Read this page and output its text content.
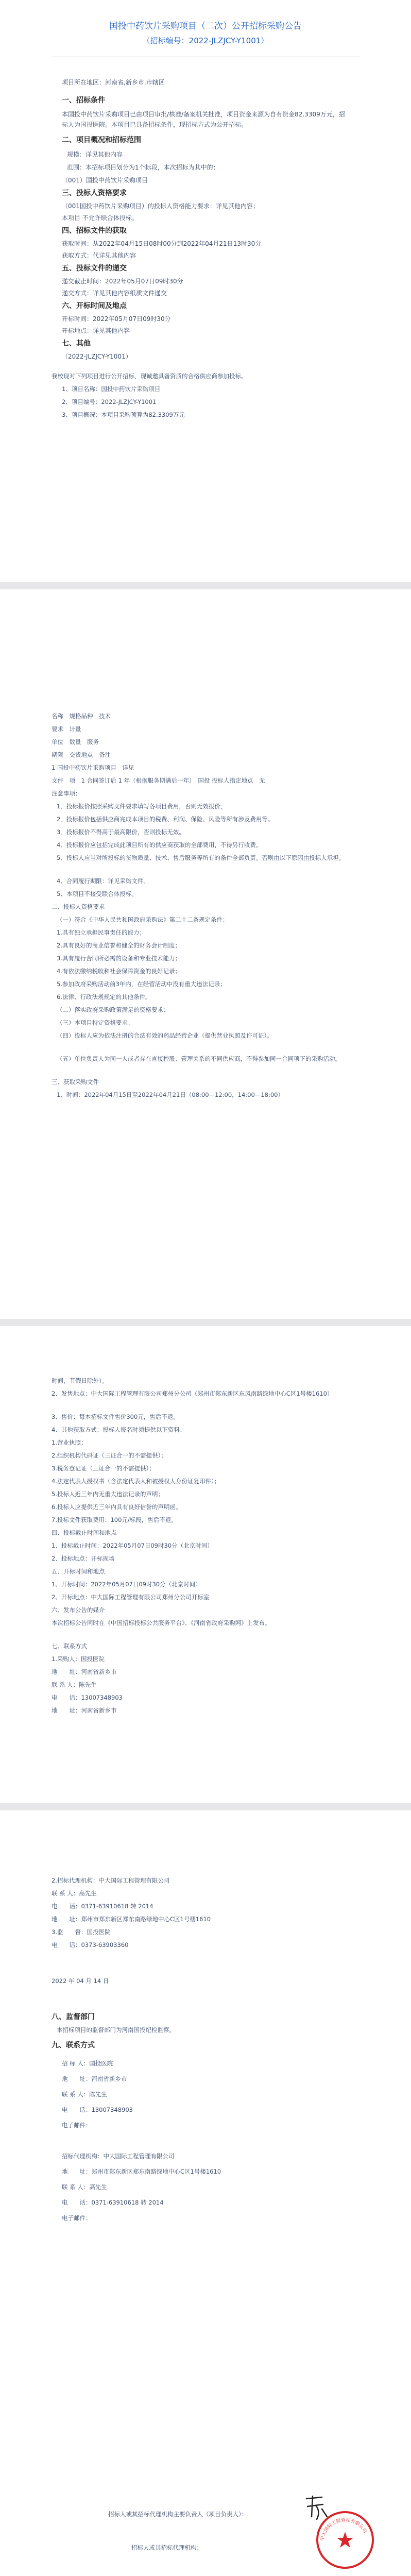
国投中药饮片采购项目（二次）公开招标采购公告
（招标编号：2022-JLZJCY-Y1001）
项目所在地区：河南省,新乡市,市辖区
一、招标条件
本国投中药饮片采购项目已由项目审批/核准/备案机关批准，项目资金来源为自有资金82.3309万元，招标人为国投医院。本项目已具备招标条件，现招标方式为公开招标。
二、项目概况和招标范围
规模：详见其他内容
范围：本招标项目划分为1个标段，本次招标为其中的：
（001）国投中药饮片采购项目
三、投标人资格要求
（001国投中药饮片采购项目）的投标人资格能力要求：详见其他内容；
本项目 不允许联合体投标。
四、招标文件的获取
获取时间：从2022年04月15日08时00分到2022年04月21日13时30分
获取方式：代详见其他内容
五、投标文件的递交
递交截止时间：2022年05月07日09时30分
递交方式：详见其他内容纸质文件递交
六、开标时间及地点
开标时间：2022年05月07日09时30分
开标地点：详见其他内容
七、其他
（2022-JLZJCY-Y1001）
我校现对下列项目进行公开招标，现诚邀具备资质的合格供应商参加投标。
1、项目名称：国投中药饮片采购项目
2、项目编号：2022-JLZJCY-Y1001
3、项目概况：本项目采购预算为82.3309万元
名称　规格品种　技术
要求　计量
单位　数量　服务
期限　交货地点　备注
1 国投中药饮片采购项目　详见
文件　项　1 合同签订后 1 年（根据服务期满后一年）　国投 投标人指定地点　无
注意事项：
1．投标报价按照采购文件要求填写各项目费用，否则无效报价，
2．投标报价包括供应商完成本项目的税费、利润、保险、风险等所有涉及费用等。
3．投标报价不得高于最高限价，否则投标无效。
4．投标报价应包括完成此项目所有的供应商获取的全部费用，不得另行收费。
5．投标人应当对所投标的货物质量、技术、售后服务等所有的条件全部负责。否则由以下原因由投标人承担。
4、合同履行期限：详见采购文件。
5、本项目不接受联合体投标。
二、投标人资格要求
（一）符合《中华人民共和国政府采购法》第二十二条规定条件：
1.具有独立承担民事责任的能力；
2.具有良好的商业信誉和健全的财务会计制度；
3.具有履行合同所必需的设备和专业技术能力；
4.有依法缴纳税收和社会保障资金的良好记录；
5.参加政府采购活动前3年内，在经营活动中没有重大违法记录；
6.法律、行政法规规定的其他条件。
（二）落实政府采购政策满足的资格要求：
（三）本项目特定资格要求：
（四）投标人应为依法注册的合法有效的药品经营企业（提供营业执照及许可证）。
（五）单位负责人为同一人或者存在直接控股、管理关系的不同供应商，不得参加同一合同项下的采购活动。
三、获取采购文件
1、时间：2022年04月15日至2022年04月21日（08:00—12:00，14:00—18:00）
时间，节假日除外）。
2、发售地点：中大国际工程管理有限公司郑州分公司（郑州市郑东新区东风南路绿地中心C区1号楼1610）
3、售价：每本招标文件售价300元，售后不退。
4、其他获取方式：投标人报名时须提供以下资料：
1.营业执照；
2.组织机构代码证（三证合一的不需提供）；
3.税务登记证（三证合一的不需提供）；
4.法定代表人授权书（含法定代表人和被授权人身份证复印件）；
5.投标人近三年内无重大违法记录的声明；
6.投标人应提供近三年内具有良好信誉的声明函。
7.投标文件获取费用：100元/标段，售后不退。
四、投标截止时间和地点
1、投标截止时间：2022年05月07日09时30分（北京时间）
2、投标地点：开标现场
五、开标时间和地点
1、开标时间：2022年05月07日09时30分（北京时间）
2、开标地点：中大国际工程管理有限公司郑州分公司开标室
六、发布公告的媒介
本次招标公告同时在《中国招标投标公共服务平台》、《河南省政府采购网》上发布。
七、联系方式
1.采购人：国投医院
地　　址：河南省新乡市
联 系 人：陈先生
电　　话：13007348903
地　　址：河南省新乡市
2.招标代理机构：中大国际工程管理有限公司
联 系 人：高先生
电　　话：0371-63910618 转 2014
地　　址：郑州市郑东新区郑东南路绿地中心C区1号楼1610
3.监　　督：国投医院
电　　话：0373-63903360
2022 年 04 月 14 日
八、监督部门
本招标项目的监督部门为河南国投纪检监察。
九、联系方式
招 标 人：国投医院
地　　址：河南省新乡市
联 系 人：陈先生
电　　话：13007348903
电子邮件：
招标代理机构：中大国际工程管理有限公司
地　　址：郑州市郑东新区郑东南路绿地中心C区1号楼1610
联 系 人：高先生
电　　话：0371-63910618 转 2014
电子邮件：
招标人或其招标代理机构主要负责人（项目负责人）：
招标人或其招标代理机构：
中大国际工程管理有限公司
